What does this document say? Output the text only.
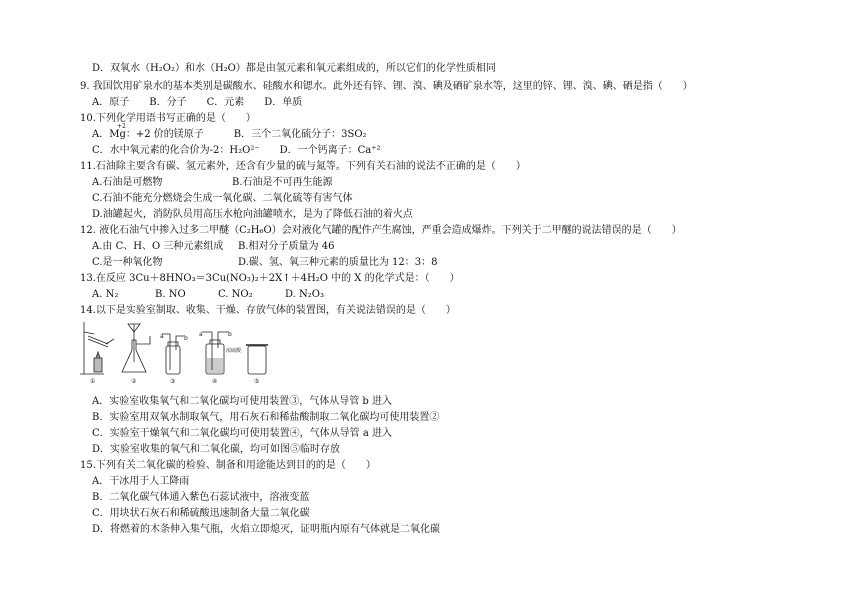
D．双氧水（H₂O₂）和水（H₂O）都是由氢元素和氧元素组成的，所以它们的化学性质相同
9. 我国饮用矿泉水的基本类别是碳酸水、硅酸水和锶水。此外还有锌、锂、溴、碘及硒矿泉水等，这里的锌、锂、溴、碘、硒是指（　　）
A．原子　　B．分子　　C．元素　　D．单质
10.下列化学用语书写正确的是（　　）
+2
A．Mg：+2 价的镁原子　　　B．三个二氧化硫分子：3SO₂
C．水中氧元素的化合价为-2：H₂O²⁻　　D．一个钙离子：Ca⁺²
11.石油除主要含有碳、氢元素外，还含有少量的硫与氮等。下列有关石油的说法不正确的是（　　）
A.石油是可燃物	B.石油是不可再生能源
C.石油不能充分燃烧会生成一氧化碳、二氧化硫等有害气体
D.油罐起火，消防队员用高压水枪向油罐喷水，是为了降低石油的着火点
12. 液化石油气中掺入过多二甲醚（C₂H₆O）会对液化气罐的配件产生腐蚀，严重会造成爆炸。下列关于二甲醚的说法错误的是（　　）
A.由 C、H、O 三种元素组成 B.相对分子质量为 46
C.是一种氧化物	D.碳、氢、氧三种元素的质量比为 12：3：8
13.在反应 3Cu＋8HNO₃＝3Cu(NO₃)₂＋2X↑＋4H₂O 中的 X 的化学式是：（　　）
A. N₂	B. NO	C. NO₂	D. N₂O₃
14.以下是实验室制取、收集、干燥、存放气体的装置图，有关说法错误的是（　　）
a	b
a	b
浓硫酸
①	②	③	④	⑤
A．实验室收集氧气和二氧化碳均可使用装置③，气体从导管 b 进入
B．实验室用双氧水制取氧气，用石灰石和稀盐酸制取二氧化碳均可使用装置②
C．实验室干燥氧气和二氧化碳均可使用装置④，气体从导管 a 进入
D．实验室收集的氧气和二氧化碳，均可如图⑤临时存放
15.下列有关二氧化碳的检验、制备和用途能达到目的的是（　　）
A．干冰用于人工降雨
B．二氧化碳气体通入紫色石蕊试液中，溶液变蓝
C．用块状石灰石和稀硫酸迅速制备大量二氧化碳
D．将燃着的木条伸入集气瓶，火焰立即熄灭，证明瓶内原有气体就是二氧化碳
